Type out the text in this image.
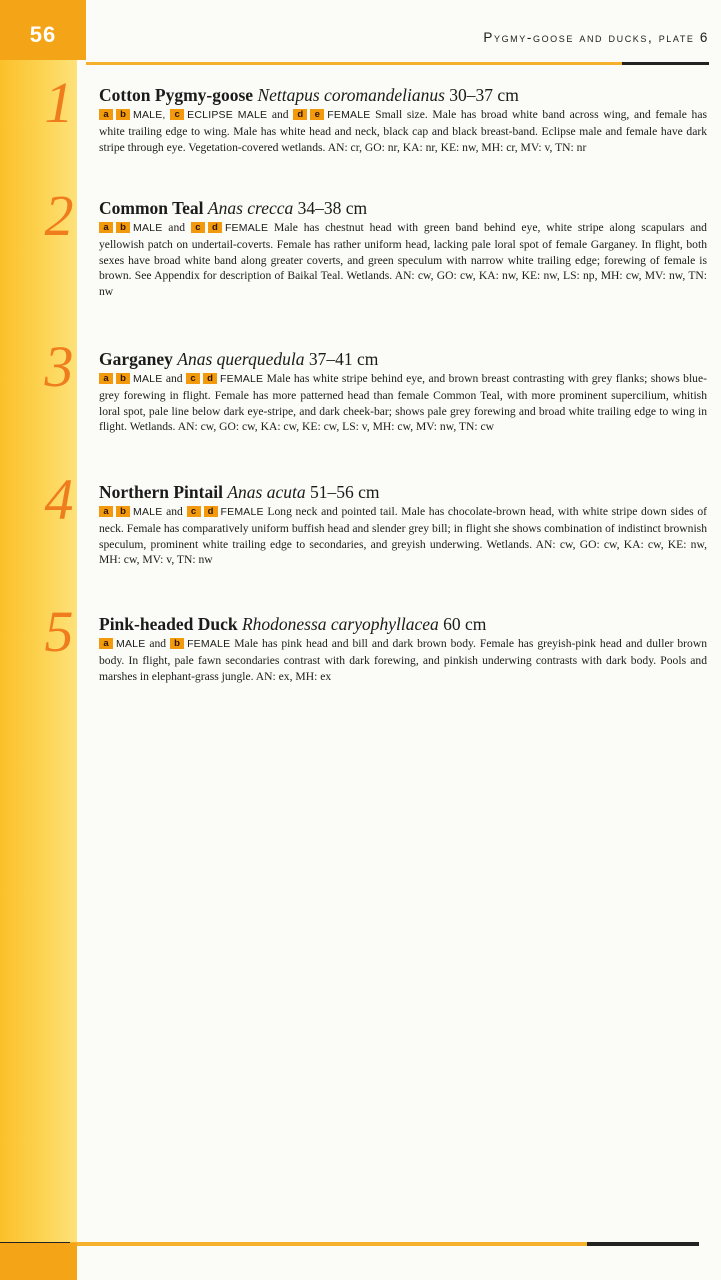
56	Pygmy-goose and ducks, plate 6
1	Cotton Pygmy-goose Nettapus coromandelianus 30–37 cm
a b MALE, c ECLIPSE MALE and d e FEMALE Small size. Male has broad white band across wing, and female has white trailing edge to wing. Male has white head and neck, black cap and black breast-band. Eclipse male and female have dark stripe through eye. Vegetation-covered wetlands. AN: cr, GO: nr, KA: nr, KE: nw, MH: cr, MV: v, TN: nr
2	Common Teal Anas crecca 34–38 cm
a b MALE and c d FEMALE Male has chestnut head with green band behind eye, white stripe along scapulars and yellowish patch on undertail-coverts. Female has rather uniform head, lacking pale loral spot of female Garganey. In flight, both sexes have broad white band along greater coverts, and green speculum with narrow white trailing edge; forewing of female is brown. See Appendix for description of Baikal Teal. Wetlands. AN: cw, GO: cw, KA: nw, KE: nw, LS: np, MH: cw, MV: nw, TN: nw
3	Garganey Anas querquedula 37–41 cm
a b MALE and c d FEMALE Male has white stripe behind eye, and brown breast contrasting with grey flanks; shows blue-grey forewing in flight. Female has more patterned head than female Common Teal, with more prominent supercilium, whitish loral spot, pale line below dark eye-stripe, and dark cheek-bar; shows pale grey forewing and broad white trailing edge to wing in flight. Wetlands. AN: cw, GO: cw, KA: cw, KE: cw, LS: v, MH: cw, MV: nw, TN: cw
4	Northern Pintail Anas acuta 51–56 cm
a b MALE and c d FEMALE Long neck and pointed tail. Male has chocolate-brown head, with white stripe down sides of neck. Female has comparatively uniform buffish head and slender grey bill; in flight she shows combination of indistinct brownish speculum, prominent white trailing edge to secondaries, and greyish underwing. Wetlands. AN: cw, GO: cw, KA: cw, KE: nw, MH: cw, MV: v, TN: nw
5	Pink-headed Duck Rhodonessa caryophyllacea 60 cm
a MALE and b FEMALE Male has pink head and bill and dark brown body. Female has greyish-pink head and duller brown body. In flight, pale fawn secondaries contrast with dark forewing, and pinkish underwing contrasts with dark body. Pools and marshes in elephant-grass jungle. AN: ex, MH: ex
